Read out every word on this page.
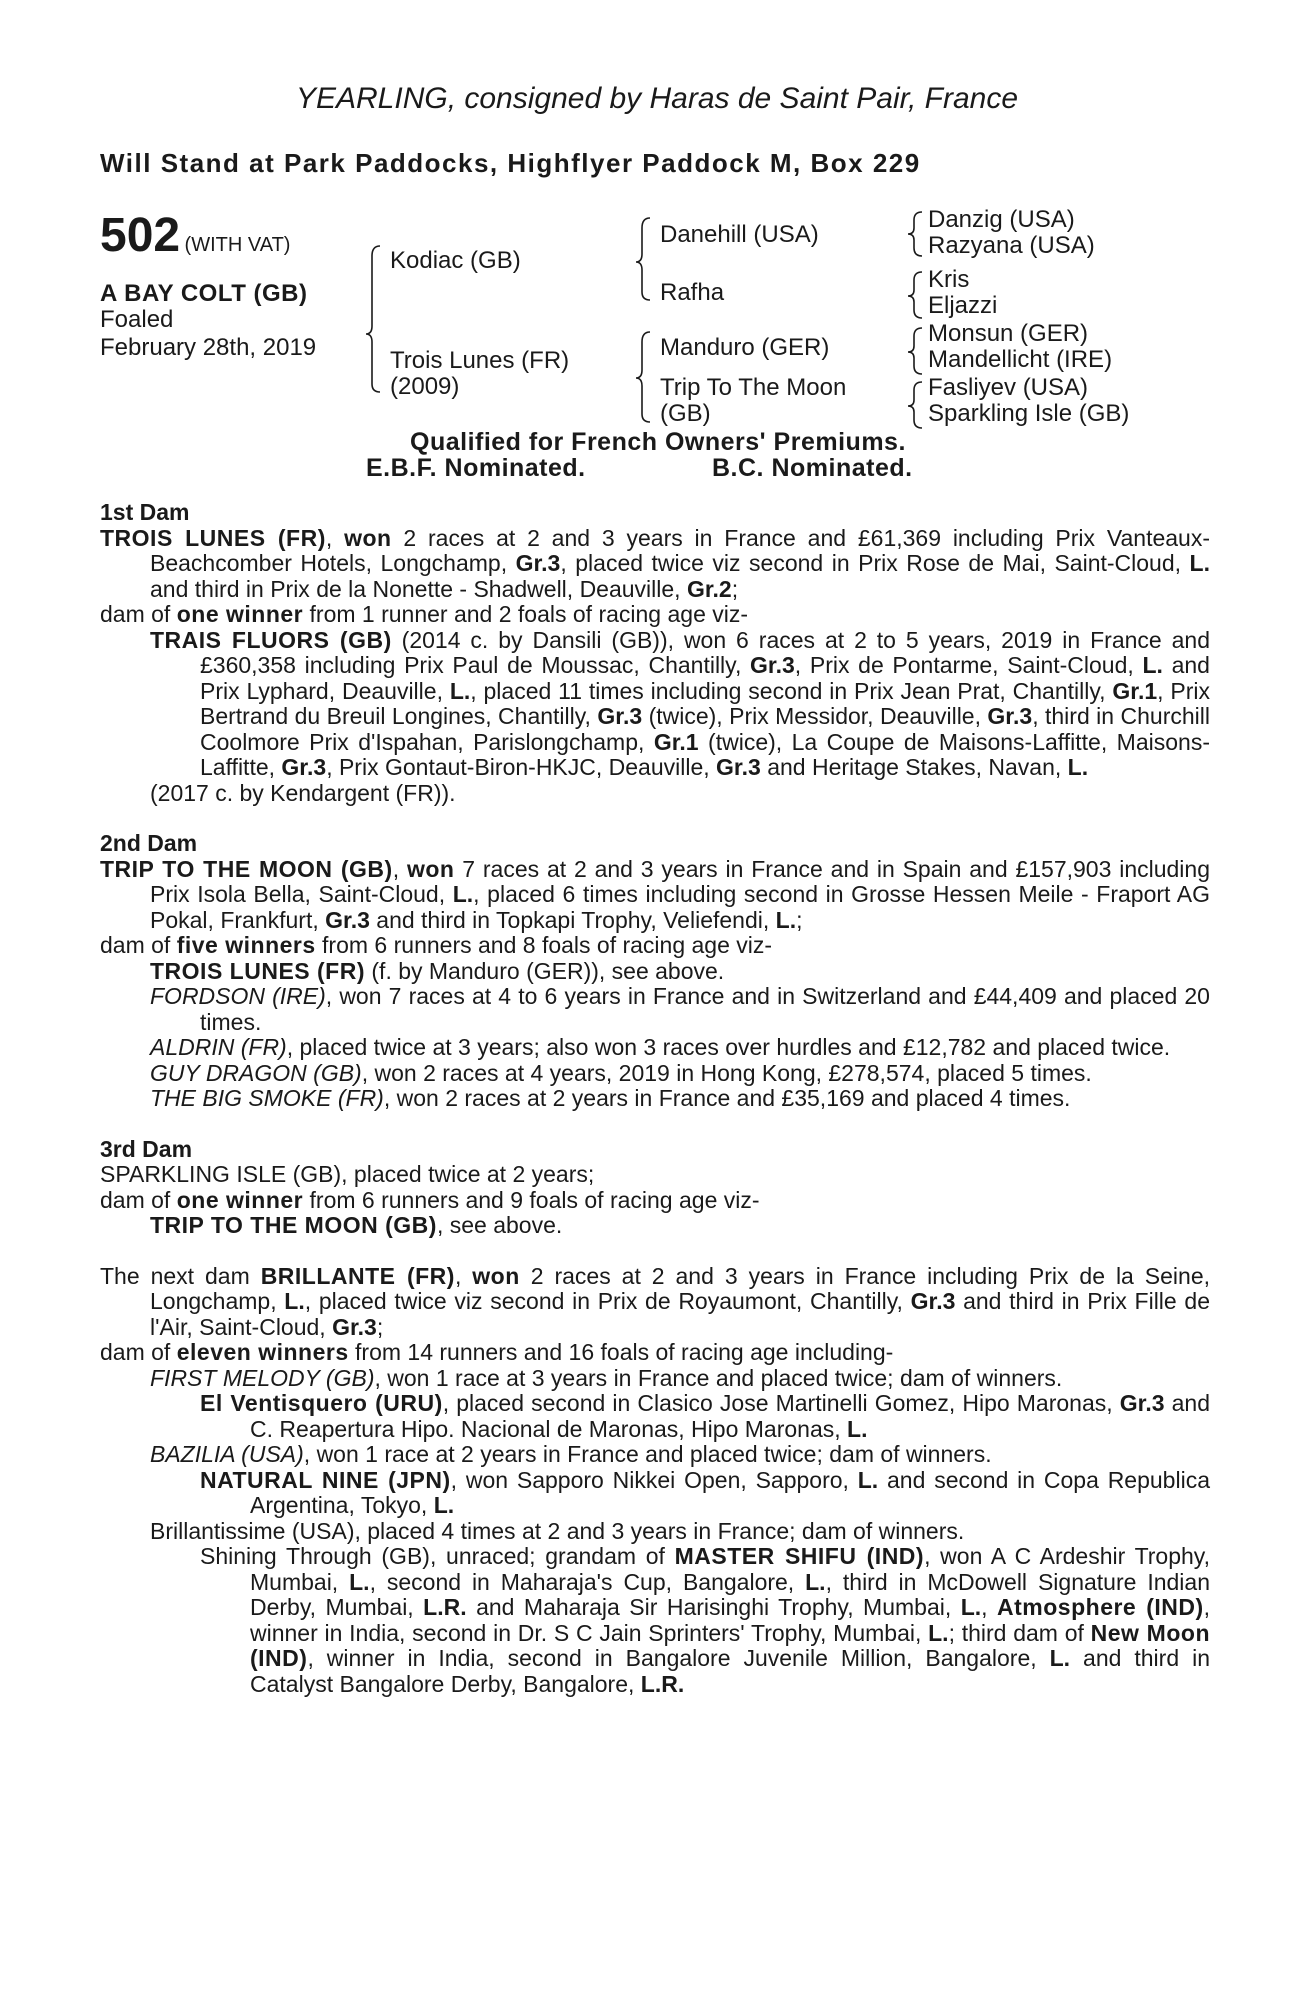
YEARLING, consigned by Haras de Saint Pair, France
Will Stand at Park Paddocks, Highflyer Paddock M, Box 229
502 (WITH VAT)
A BAY COLT (GB)
Foaled
February 28th, 2019
Kodiac (GB)
Trois Lunes (FR)
(2009)
Danehill (USA)
Rafha
Manduro (GER)
Trip To The Moon
(GB)
Danzig (USA)
Razyana (USA)
Kris
Eljazzi
Monsun (GER)
Mandellicht (IRE)
Fasliyev (USA)
Sparkling Isle (GB)
Qualified for French Owners' Premiums.
E.B.F. Nominated.	B.C. Nominated.
1st Dam

TROIS LUNES (FR), won 2 races at 2 and 3 years in France and £61,369 including Prix Vanteaux-Beachcomber Hotels, Longchamp, Gr.3, placed twice viz second in Prix Rose de Mai, Saint-Cloud, L. and third in Prix de la Nonette - Shadwell, Deauville, Gr.2;

dam of one winner from 1 runner and 2 foals of racing age viz-

TRAIS FLUORS (GB) (2014 c. by Dansili (GB)), won 6 races at 2 to 5 years, 2019 in France and £360,358 including Prix Paul de Moussac, Chantilly, Gr.3, Prix de Pontarme, Saint-Cloud, L. and Prix Lyphard, Deauville, L., placed 11 times including second in Prix Jean Prat, Chantilly, Gr.1, Prix Bertrand du Breuil Longines, Chantilly, Gr.3 (twice), Prix Messidor, Deauville, Gr.3, third in Churchill Coolmore Prix d'Ispahan, Parislongchamp, Gr.1 (twice), La Coupe de Maisons-Laffitte, Maisons-Laffitte, Gr.3, Prix Gontaut-Biron-HKJC, Deauville, Gr.3 and Heritage Stakes, Navan, L.

(2017 c. by Kendargent (FR)).

2nd Dam

TRIP TO THE MOON (GB), won 7 races at 2 and 3 years in France and in Spain and £157,903 including Prix Isola Bella, Saint-Cloud, L., placed 6 times including second in Grosse Hessen Meile - Fraport AG Pokal, Frankfurt, Gr.3 and third in Topkapi Trophy, Veliefendi, L.;

dam of five winners from 6 runners and 8 foals of racing age viz-

TROIS LUNES (FR) (f. by Manduro (GER)), see above.

FORDSON (IRE), won 7 races at 4 to 6 years in France and in Switzerland and £44,409 and placed 20 times.

ALDRIN (FR), placed twice at 3 years; also won 3 races over hurdles and £12,782 and placed twice.

GUY DRAGON (GB), won 2 races at 4 years, 2019 in Hong Kong, £278,574, placed 5 times.

THE BIG SMOKE (FR), won 2 races at 2 years in France and £35,169 and placed 4 times.

3rd Dam

SPARKLING ISLE (GB), placed twice at 2 years;

dam of one winner from 6 runners and 9 foals of racing age viz-

TRIP TO THE MOON (GB), see above.

The next dam BRILLANTE (FR), won 2 races at 2 and 3 years in France including Prix de la Seine, Longchamp, L., placed twice viz second in Prix de Royaumont, Chantilly, Gr.3 and third in Prix Fille de l'Air, Saint-Cloud, Gr.3;

dam of eleven winners from 14 runners and 16 foals of racing age including-

FIRST MELODY (GB), won 1 race at 3 years in France and placed twice; dam of winners.

El Ventisquero (URU), placed second in Clasico Jose Martinelli Gomez, Hipo Maronas, Gr.3 and C. Reapertura Hipo. Nacional de Maronas, Hipo Maronas, L.

BAZILIA (USA), won 1 race at 2 years in France and placed twice; dam of winners.

NATURAL NINE (JPN), won Sapporo Nikkei Open, Sapporo, L. and second in Copa Republica Argentina, Tokyo, L.

Brillantissime (USA), placed 4 times at 2 and 3 years in France; dam of winners.

Shining Through (GB), unraced; grandam of MASTER SHIFU (IND), won A C Ardeshir Trophy, Mumbai, L., second in Maharaja's Cup, Bangalore, L., third in McDowell Signature Indian Derby, Mumbai, L.R. and Maharaja Sir Harisinghi Trophy, Mumbai, L., Atmosphere (IND), winner in India, second in Dr. S C Jain Sprinters' Trophy, Mumbai, L.; third dam of New Moon (IND), winner in India, second in Bangalore Juvenile Million, Bangalore, L. and third in Catalyst Bangalore Derby, Bangalore, L.R.
